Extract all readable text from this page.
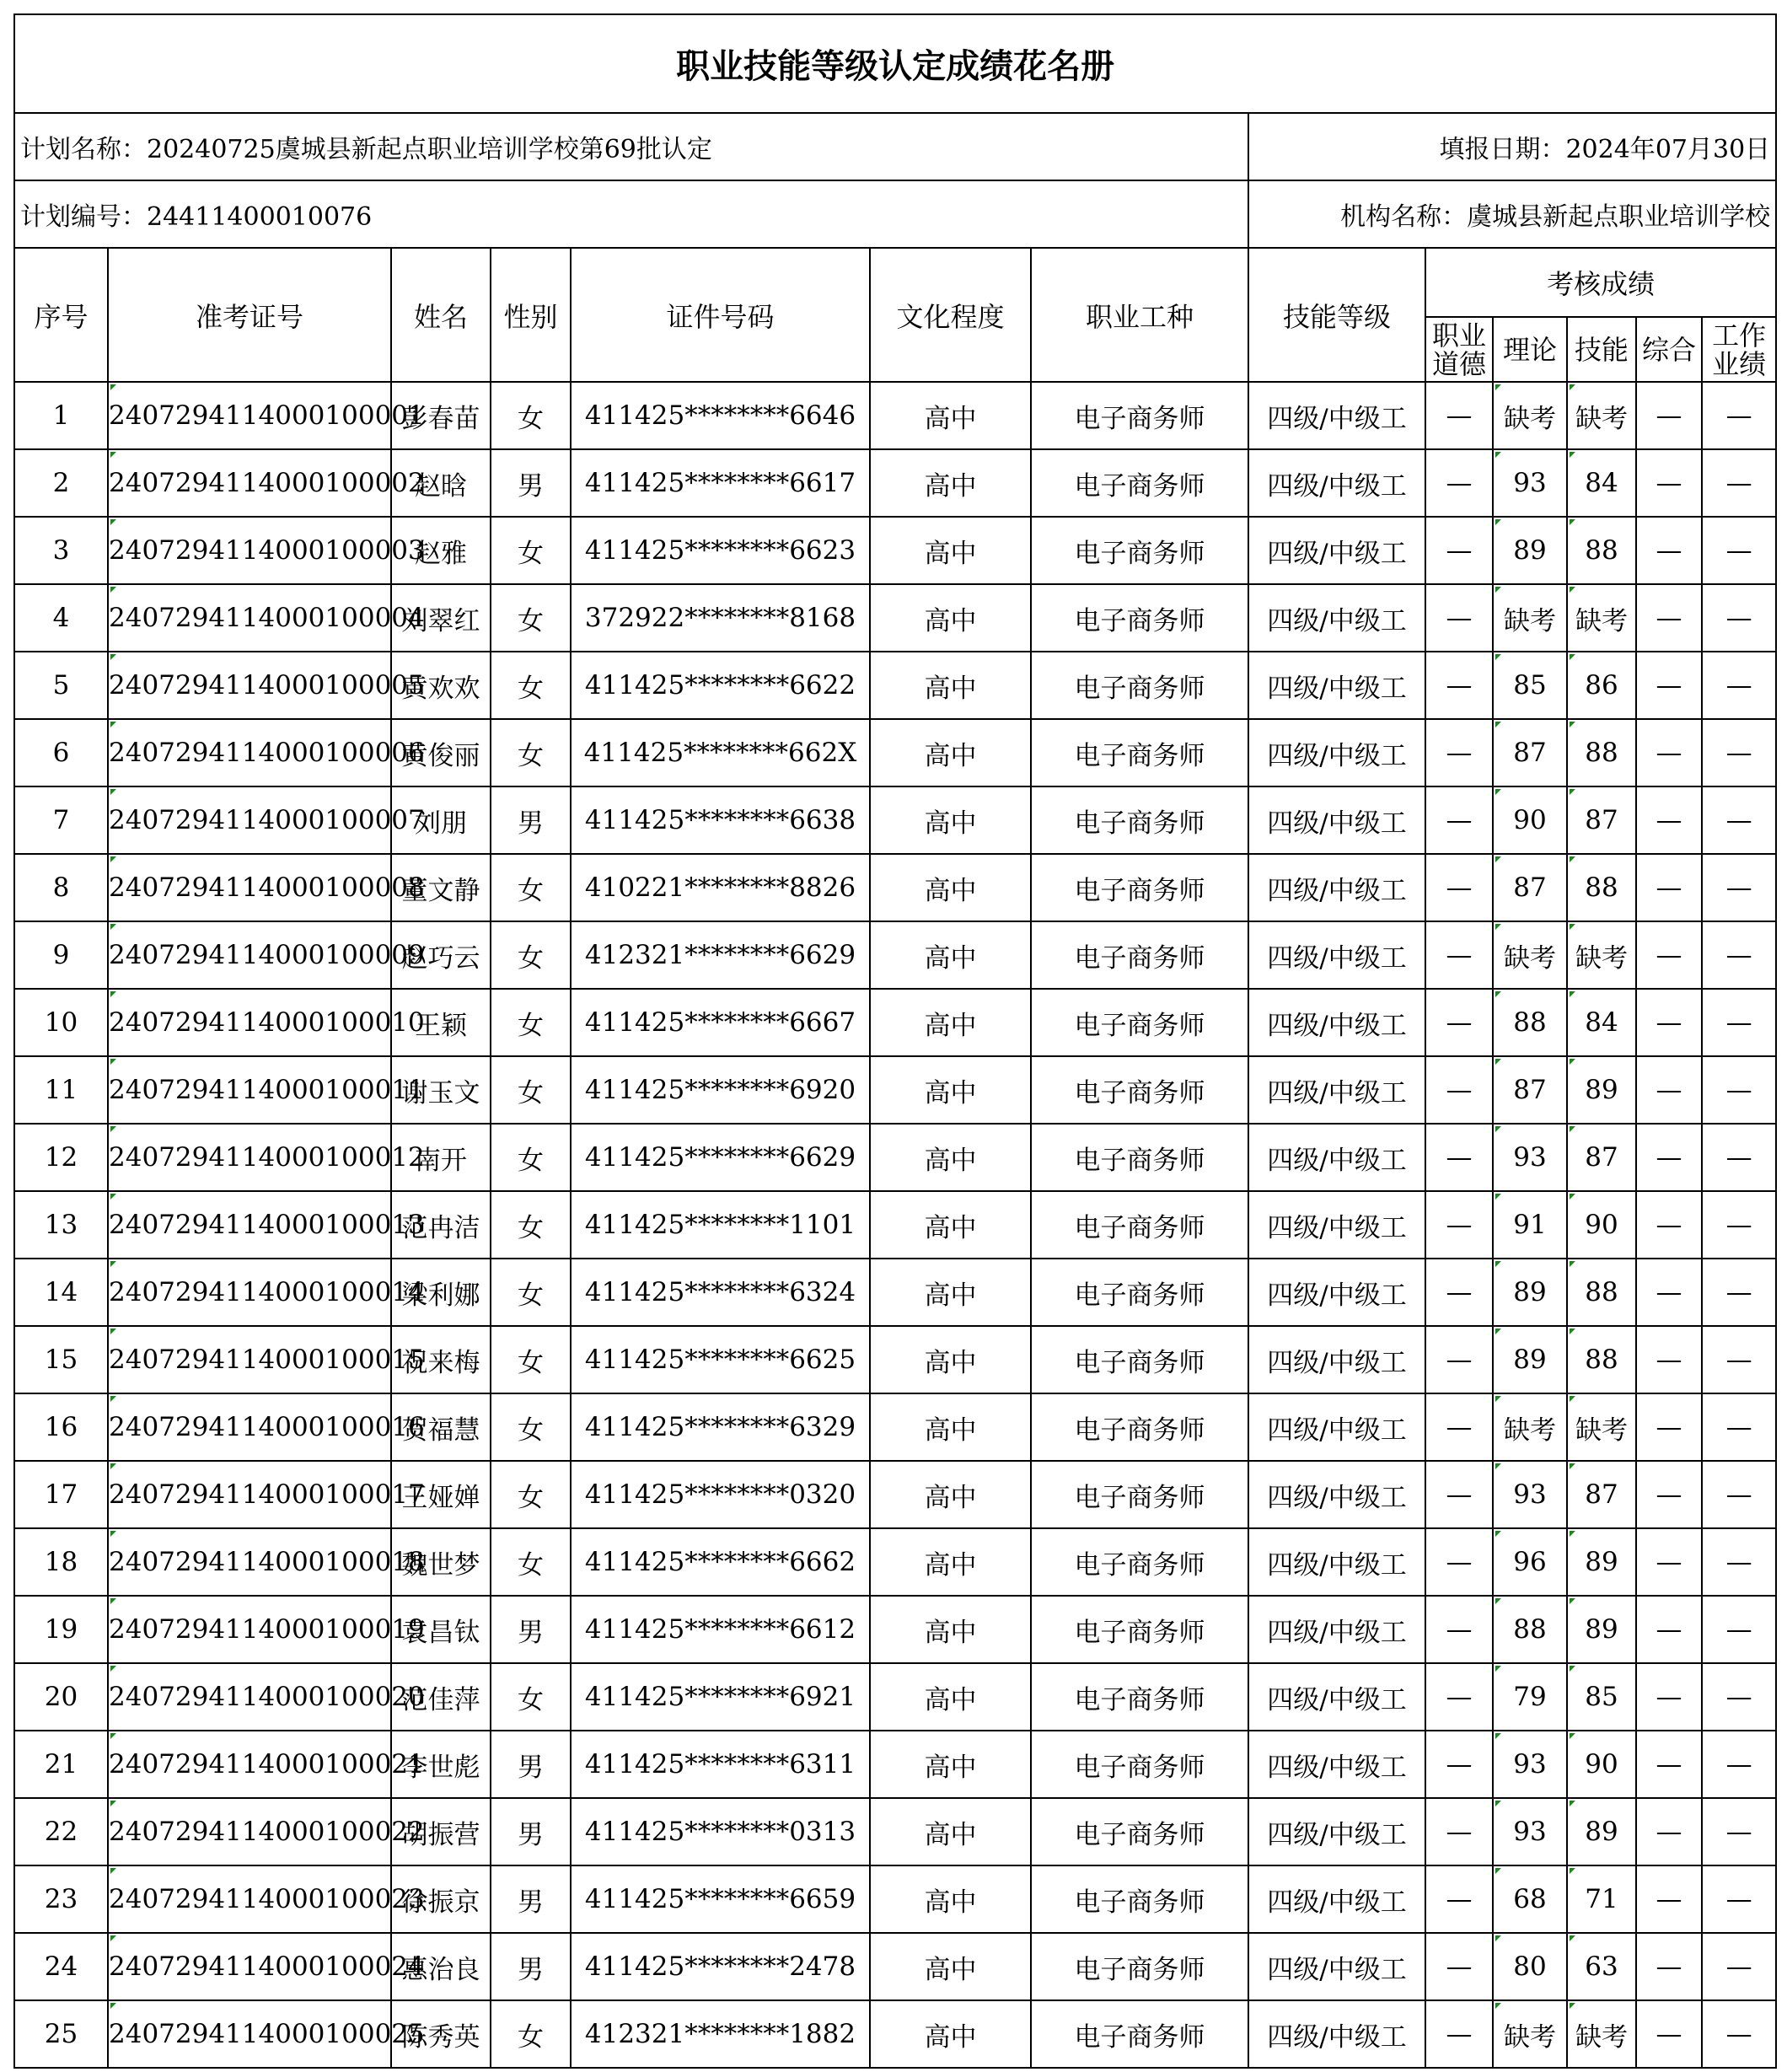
职业技能等级认定成绩花名册												
计划名称：20240725虞城县新起点职业培训学校第69批认定							填报日期：2024年07月30日					
计划编号：24411400010076							机构名称：虞城县新起点职业培训学校					
序号	准考证号	姓名	性别	证件号码	文化程度	职业工种	技能等级	考核成绩				
								职业道德	理论	技能	综合	工作业绩
1	2407294114000100001	彭春苗	女	411425********6646	高中	电子商务师	四级/中级工	—	缺考	缺考	—	—
2	2407294114000100002	赵晗	男	411425********6617	高中	电子商务师	四级/中级工	—	93	84	—	—
3	2407294114000100003	赵雅	女	411425********6623	高中	电子商务师	四级/中级工	—	89	88	—	—
4	2407294114000100004	刘翠红	女	372922********8168	高中	电子商务师	四级/中级工	—	缺考	缺考	—	—
5	2407294114000100005	黄欢欢	女	411425********6622	高中	电子商务师	四级/中级工	—	85	86	—	—
6	2407294114000100006	黄俊丽	女	411425********662X	高中	电子商务师	四级/中级工	—	87	88	—	—
7	2407294114000100007	刘朋	男	411425********6638	高中	电子商务师	四级/中级工	—	90	87	—	—
8	2407294114000100008	董文静	女	410221********8826	高中	电子商务师	四级/中级工	—	87	88	—	—
9	2407294114000100009	赵巧云	女	412321********6629	高中	电子商务师	四级/中级工	—	缺考	缺考	—	—
10	2407294114000100010	王颖	女	411425********6667	高中	电子商务师	四级/中级工	—	88	84	—	—
11	2407294114000100011	谢玉文	女	411425********6920	高中	电子商务师	四级/中级工	—	87	89	—	—
12	2407294114000100012	南开	女	411425********6629	高中	电子商务师	四级/中级工	—	93	87	—	—
13	2407294114000100013	范冉洁	女	411425********1101	高中	电子商务师	四级/中级工	—	91	90	—	—
14	2407294114000100014	梁利娜	女	411425********6324	高中	电子商务师	四级/中级工	—	89	88	—	—
15	2407294114000100015	祝来梅	女	411425********6625	高中	电子商务师	四级/中级工	—	89	88	—	—
16	2407294114000100016	贺福慧	女	411425********6329	高中	电子商务师	四级/中级工	—	缺考	缺考	—	—
17	2407294114000100017	王娅婵	女	411425********0320	高中	电子商务师	四级/中级工	—	93	87	—	—
18	2407294114000100018	魏世梦	女	411425********6662	高中	电子商务师	四级/中级工	—	96	89	—	—
19	2407294114000100019	袁昌钛	男	411425********6612	高中	电子商务师	四级/中级工	—	88	89	—	—
20	2407294114000100020	范佳萍	女	411425********6921	高中	电子商务师	四级/中级工	—	79	85	—	—
21	2407294114000100021	李世彪	男	411425********6311	高中	电子商务师	四级/中级工	—	93	90	—	—
22	2407294114000100022	胡振营	男	411425********0313	高中	电子商务师	四级/中级工	—	93	89	—	—
23	2407294114000100023	徐振京	男	411425********6659	高中	电子商务师	四级/中级工	—	68	71	—	—
24	2407294114000100024	惠治良	男	411425********2478	高中	电子商务师	四级/中级工	—	80	63	—	—
25	2407294114000100025	陈秀英	女	412321********1882	高中	电子商务师	四级/中级工	—	缺考	缺考	—	—
